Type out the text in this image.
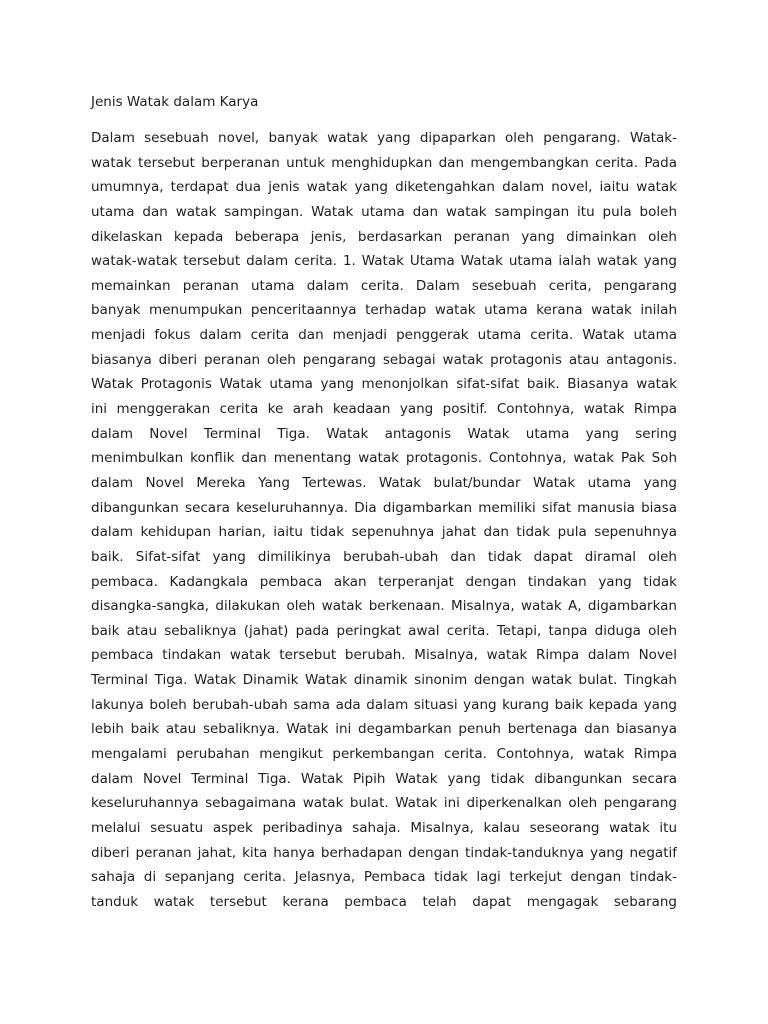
Jenis Watak dalam Karya
Dalam sesebuah novel, banyak watak yang dipaparkan oleh pengarang. Watak-
watak tersebut berperanan untuk menghidupkan dan mengembangkan cerita. Pada
umumnya, terdapat dua jenis watak yang diketengahkan dalam novel, iaitu watak
utama dan watak sampingan. Watak utama dan watak sampingan itu pula boleh
dikelaskan kepada beberapa jenis, berdasarkan peranan yang dimainkan oleh
watak-watak tersebut dalam cerita. 1. Watak Utama Watak utama ialah watak yang
memainkan peranan utama dalam cerita. Dalam sesebuah cerita, pengarang
banyak menumpukan penceritaannya terhadap watak utama kerana watak inilah
menjadi fokus dalam cerita dan menjadi penggerak utama cerita. Watak utama
biasanya diberi peranan oleh pengarang sebagai watak protagonis atau antagonis.
Watak Protagonis Watak utama yang menonjolkan sifat-sifat baik. Biasanya watak
ini menggerakan cerita ke arah keadaan yang positif. Contohnya, watak Rimpa
dalam Novel Terminal Tiga. Watak antagonis Watak utama yang sering
menimbulkan konflik dan menentang watak protagonis. Contohnya, watak Pak Soh
dalam Novel Mereka Yang Tertewas. Watak bulat/bundar Watak utama yang
dibangunkan secara keseluruhannya. Dia digambarkan memiliki sifat manusia biasa
dalam kehidupan harian, iaitu tidak sepenuhnya jahat dan tidak pula sepenuhnya
baik. Sifat-sifat yang dimilikinya berubah-ubah dan tidak dapat diramal oleh
pembaca. Kadangkala pembaca akan terperanjat dengan tindakan yang tidak
disangka-sangka, dilakukan oleh watak berkenaan. Misalnya, watak A, digambarkan
baik atau sebaliknya (jahat) pada peringkat awal cerita. Tetapi, tanpa diduga oleh
pembaca tindakan watak tersebut berubah. Misalnya, watak Rimpa dalam Novel
Terminal Tiga. Watak Dinamik Watak dinamik sinonim dengan watak bulat. Tingkah
lakunya boleh berubah-ubah sama ada dalam situasi yang kurang baik kepada yang
lebih baik atau sebaliknya. Watak ini degambarkan penuh bertenaga dan biasanya
mengalami perubahan mengikut perkembangan cerita. Contohnya, watak Rimpa
dalam Novel Terminal Tiga. Watak Pipih Watak yang tidak dibangunkan secara
keseluruhannya sebagaimana watak bulat. Watak ini diperkenalkan oleh pengarang
melalui sesuatu aspek peribadinya sahaja. Misalnya, kalau seseorang watak itu
diberi peranan jahat, kita hanya berhadapan dengan tindak-tanduknya yang negatif
sahaja di sepanjang cerita. Jelasnya, Pembaca tidak lagi terkejut dengan tindak-
tanduk watak tersebut kerana pembaca telah dapat mengagak sebarang
